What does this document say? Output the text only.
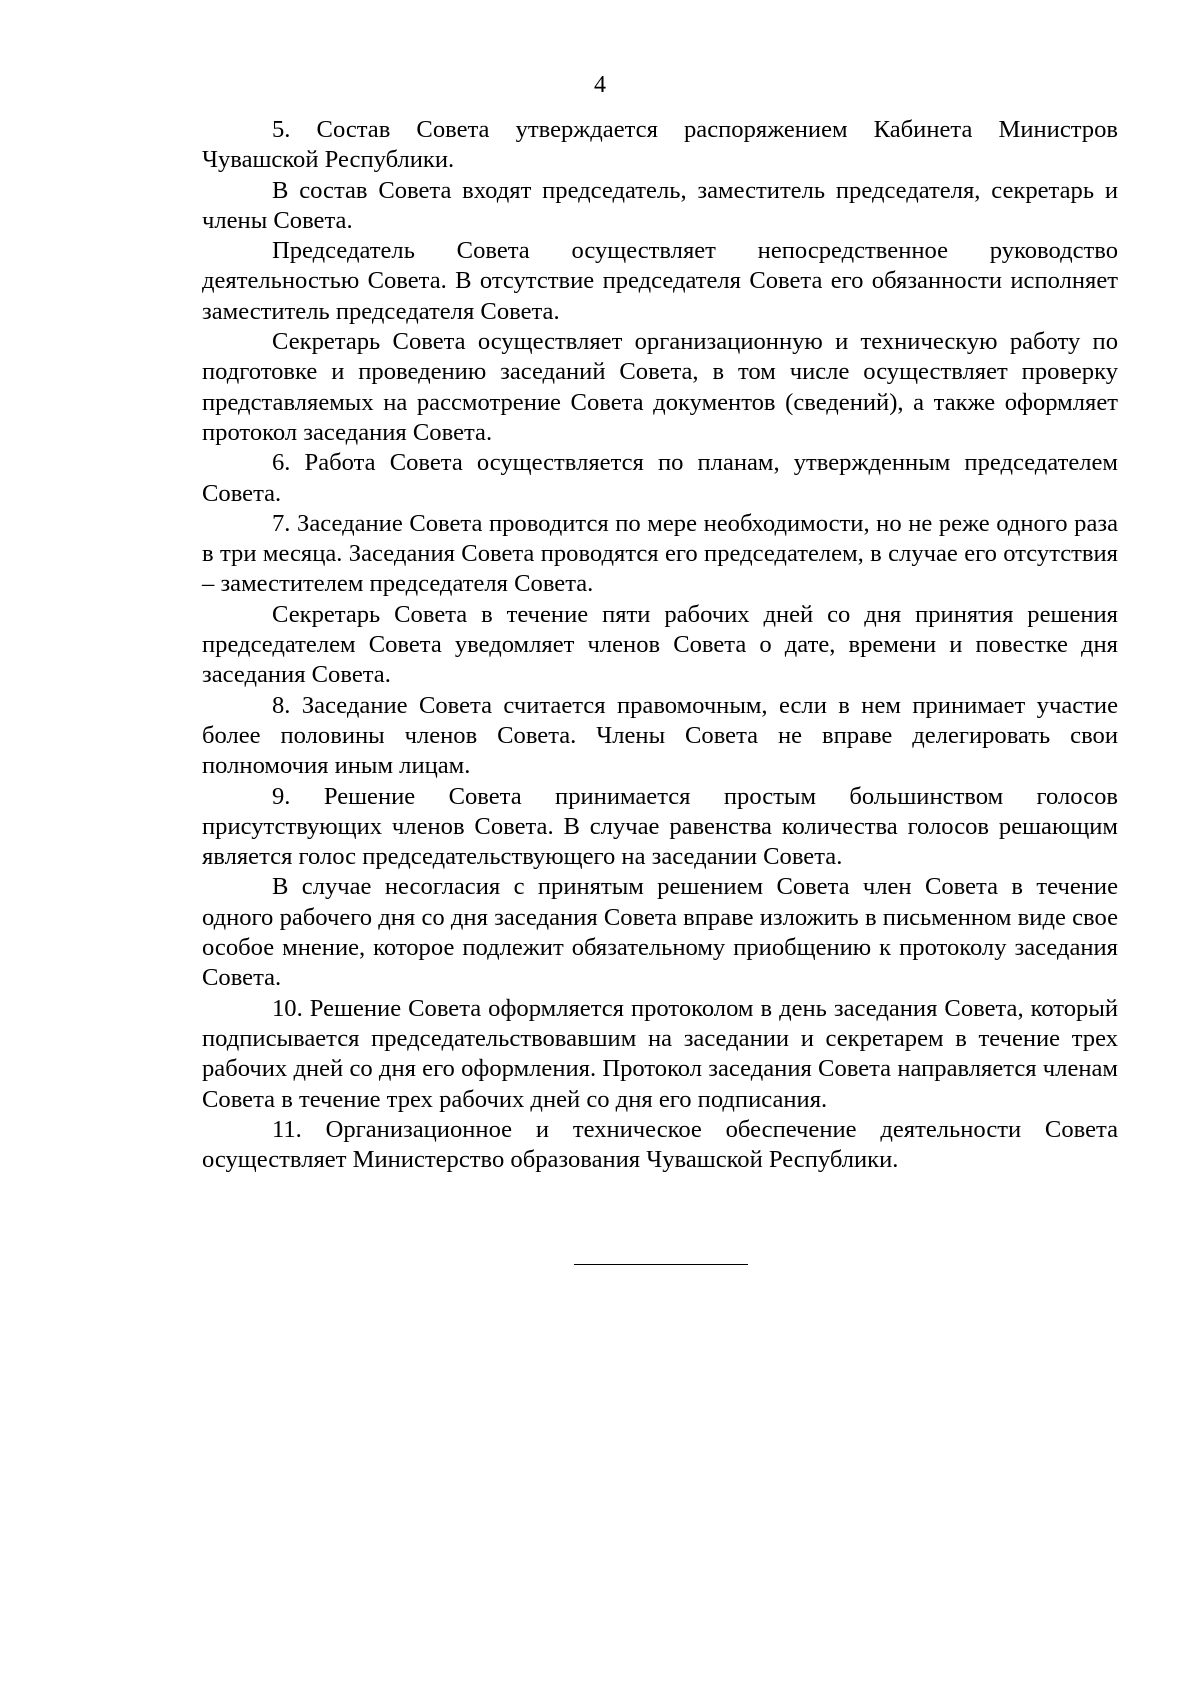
4

5. Состав Совета утверждается распоряжением Кабинета Министров Чувашской Республики.

В состав Совета входят председатель, заместитель председателя, секретарь и члены Совета.

Председатель Совета осуществляет непосредственное руководство деятельностью Совета. В отсутствие председателя Совета его обязанности исполняет заместитель председателя Совета.

Секретарь Совета осуществляет организационную и техническую работу по подготовке и проведению заседаний Совета, в том числе осуществляет проверку представляемых на рассмотрение Совета документов (сведений), а также оформляет протокол заседания Совета.

6. Работа Совета осуществляется по планам, утвержденным председателем Совета.

7. Заседание Совета проводится по мере необходимости, но не реже одного раза в три месяца. Заседания Совета проводятся его председателем, в случае его отсутствия – заместителем председателя Совета.

Секретарь Совета в течение пяти рабочих дней со дня принятия решения председателем Совета уведомляет членов Совета о дате, времени и повестке дня заседания Совета.

8. Заседание Совета считается правомочным, если в нем принимает участие более половины членов Совета. Члены Совета не вправе делегировать свои полномочия иным лицам.

9. Решение Совета принимается простым большинством голосов присутствующих членов Совета. В случае равенства количества голосов решающим является голос председательствующего на заседании Совета.

В случае несогласия с принятым решением Совета член Совета в течение одного рабочего дня со дня заседания Совета вправе изложить в письменном виде свое особое мнение, которое подлежит обязательному приобщению к протоколу заседания Совета.

10. Решение Совета оформляется протоколом в день заседания Совета, который подписывается председательствовавшим на заседании и секретарем в течение трех рабочих дней со дня его оформления. Протокол заседания Совета направляется членам Совета в течение трех рабочих дней со дня его подписания.

11. Организационное и техническое обеспечение деятельности Совета осуществляет Министерство образования Чувашской Республики.
